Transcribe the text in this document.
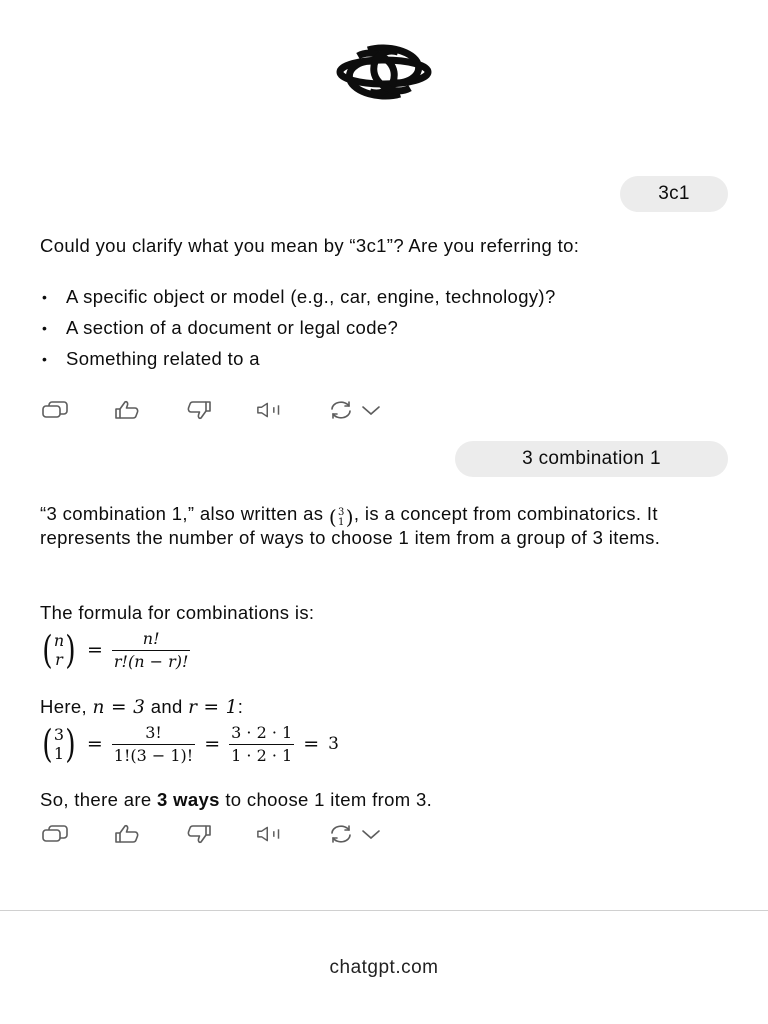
3c1
Could you clarify what you mean by “3c1”? Are you referring to:
• A specific object or model (e.g., car, engine, technology)?
• A section of a document or legal code?
• Something related to a
3 combination 1
“3 combination 1,” also written as ( 3
1 ) , is a concept from combinatorics. It represents the number of ways to choose 1 item from a group of 3 items.
The formula for combinations is:
( n
r ) = $\frac{n!}{r!(n - r)!}$
Here, n = 3 and r = 1:
( 3
1 ) = $\frac{3!}{1!(3 - 1)!} = \frac{3 \cdot 2 \cdot 1}{1 \cdot 2 \cdot 1} = 3$
So, there are 3 ways to choose 1 item from 3.
chatgpt.com
